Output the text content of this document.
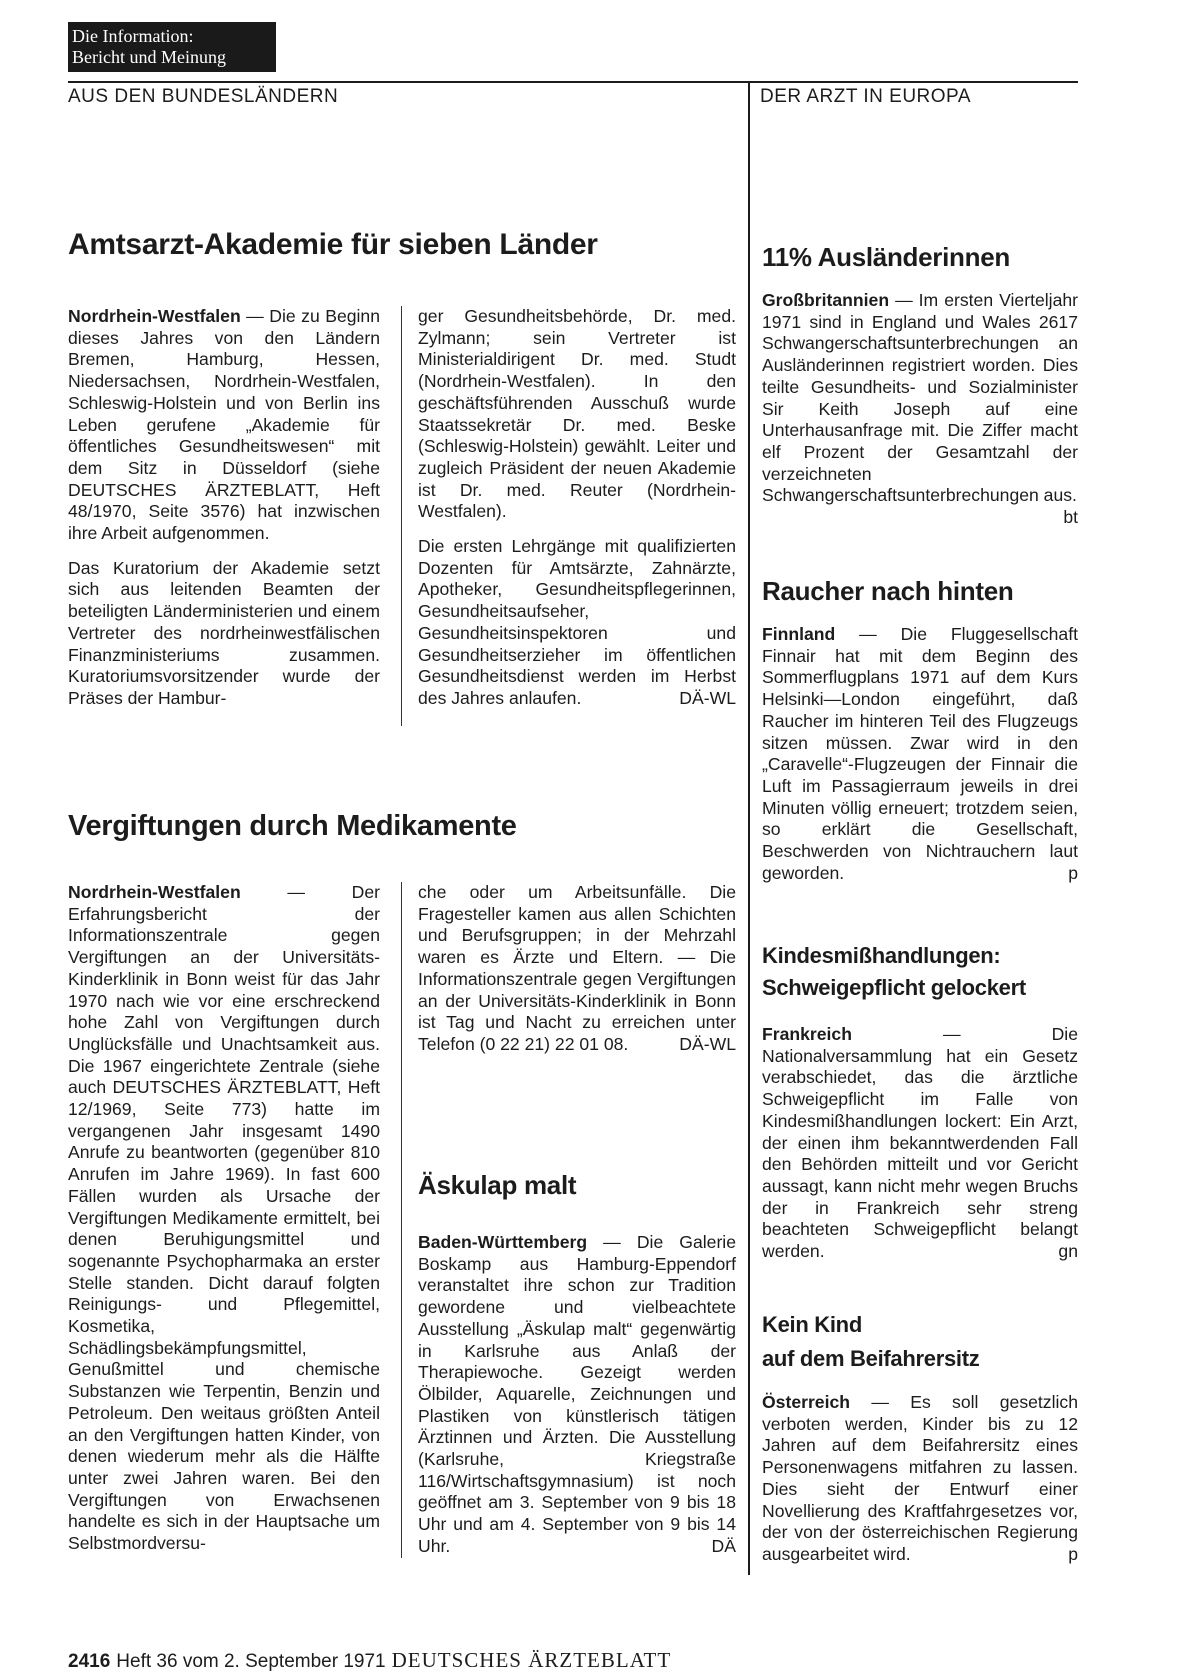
Die Information:
Bericht und Meinung
AUS DEN BUNDESLÄNDERN	DER ARZT IN EUROPA
Amtsarzt-Akademie für sieben Länder

Nordrhein-Westfalen — Die zu Beginn dieses Jahres von den Ländern Bremen, Hamburg, Hessen, Niedersachsen, Nordrhein-Westfalen, Schleswig-Holstein und von Berlin ins Leben gerufene „Akademie für öffentliches Gesundheitswesen“ mit dem Sitz in Düsseldorf (siehe DEUTSCHES ÄRZTEBLATT, Heft 48/1970, Seite 3576) hat inzwischen ihre Arbeit aufgenommen.

Das Kuratorium der Akademie setzt sich aus leitenden Beamten der beteiligten Länderministerien und einem Vertreter des nordrheinwestfälischen Finanzministeriums zusammen. Kuratoriumsvorsitzender wurde der Präses der Hambur-

ger Gesundheitsbehörde, Dr. med. Zylmann; sein Vertreter ist Ministerialdirigent Dr. med. Studt (Nordrhein-Westfalen). In den geschäftsführenden Ausschuß wurde Staatssekretär Dr. med. Beske (Schleswig-Holstein) gewählt. Leiter und zugleich Präsident der neuen Akademie ist Dr. med. Reuter (Nordrhein-Westfalen).

Die ersten Lehrgänge mit qualifizierten Dozenten für Amtsärzte, Zahnärzte, Apotheker, Gesundheitspflegerinnen, Gesundheitsaufseher, Gesundheitsinspektoren und Gesundheitserzieher im öffentlichen Gesundheitsdienst werden im Herbst des Jahres anlaufen.	DÄ-WL

Vergiftungen durch Medikamente

Nordrhein-Westfalen — Der Erfahrungsbericht der Informationszentrale gegen Vergiftungen an der Universitäts-Kinderklinik in Bonn weist für das Jahr 1970 nach wie vor eine erschreckend hohe Zahl von Vergiftungen durch Unglücksfälle und Unachtsamkeit aus. Die 1967 eingerichtete Zentrale (siehe auch DEUTSCHES ÄRZTEBLATT, Heft 12/1969, Seite 773) hatte im vergangenen Jahr insgesamt 1490 Anrufe zu beantworten (gegenüber 810 Anrufen im Jahre 1969). In fast 600 Fällen wurden als Ursache der Vergiftungen Medikamente ermittelt, bei denen Beruhigungsmittel und sogenannte Psychopharmaka an erster Stelle standen. Dicht darauf folgten Reinigungs- und Pflegemittel, Kosmetika, Schädlingsbekämpfungsmittel, Genußmittel und chemische Substanzen wie Terpentin, Benzin und Petroleum. Den weitaus größten Anteil an den Vergiftungen hatten Kinder, von denen wiederum mehr als die Hälfte unter zwei Jahren waren. Bei den Vergiftungen von Erwachsenen handelte es sich in der Hauptsache um Selbstmordversu-

che oder um Arbeitsunfälle. Die Fragesteller kamen aus allen Schichten und Berufsgruppen; in der Mehrzahl waren es Ärzte und Eltern. — Die Informationszentrale gegen Vergiftungen an der Universitäts-Kinderklinik in Bonn ist Tag und Nacht zu erreichen unter Telefon (0 22 21) 22 01 08.	DÄ-WL

Äskulap malt

Baden-Württemberg — Die Galerie Boskamp aus Hamburg-Eppendorf veranstaltet ihre schon zur Tradition gewordene und vielbeachtete Ausstellung „Äskulap malt“ gegenwärtig in Karlsruhe aus Anlaß der Therapiewoche. Gezeigt werden Ölbilder, Aquarelle, Zeichnungen und Plastiken von künstlerisch tätigen Ärztinnen und Ärzten. Die Ausstellung (Karlsruhe, Kriegstraße 116/Wirtschaftsgymnasium) ist noch geöffnet am 3. September von 9 bis 18 Uhr und am 4. September von 9 bis 14 Uhr.	DÄ

11% Ausländerinnen

Großbritannien — Im ersten Vierteljahr 1971 sind in England und Wales 2617 Schwangerschaftsunterbrechungen an Ausländerinnen registriert worden. Dies teilte Gesundheits- und Sozialminister Sir Keith Joseph auf eine Unterhausanfrage mit. Die Ziffer macht elf Prozent der Gesamtzahl der verzeichneten Schwangerschaftsunterbrechungen aus.
bt

Raucher nach hinten

Finnland — Die Fluggesellschaft Finnair hat mit dem Beginn des Sommerflugplans 1971 auf dem Kurs Helsinki—London eingeführt, daß Raucher im hinteren Teil des Flugzeugs sitzen müssen. Zwar wird in den „Caravelle“-Flugzeugen der Finnair die Luft im Passagierraum jeweils in drei Minuten völlig erneuert; trotzdem seien, so erklärt die Gesellschaft, Beschwerden von Nichtrauchern laut geworden.	p

Kindesmißhandlungen:
Schweigepflicht gelockert

Frankreich — Die Nationalversammlung hat ein Gesetz verabschiedet, das die ärztliche Schweigepflicht im Falle von Kindesmißhandlungen lockert: Ein Arzt, der einen ihm bekanntwerdenden Fall den Behörden mitteilt und vor Gericht aussagt, kann nicht mehr wegen Bruchs der in Frankreich sehr streng beachteten Schweigepflicht belangt werden.	gn

Kein Kind
auf dem Beifahrersitz

Österreich — Es soll gesetzlich verboten werden, Kinder bis zu 12 Jahren auf dem Beifahrersitz eines Personenwagens mitfahren zu lassen. Dies sieht der Entwurf einer Novellierung des Kraftfahrgesetzes vor, der von der österreichischen Regierung ausgearbeitet wird.	p

2416 Heft 36 vom 2. September 1971 DEUTSCHES ÄRZTEBLATT
